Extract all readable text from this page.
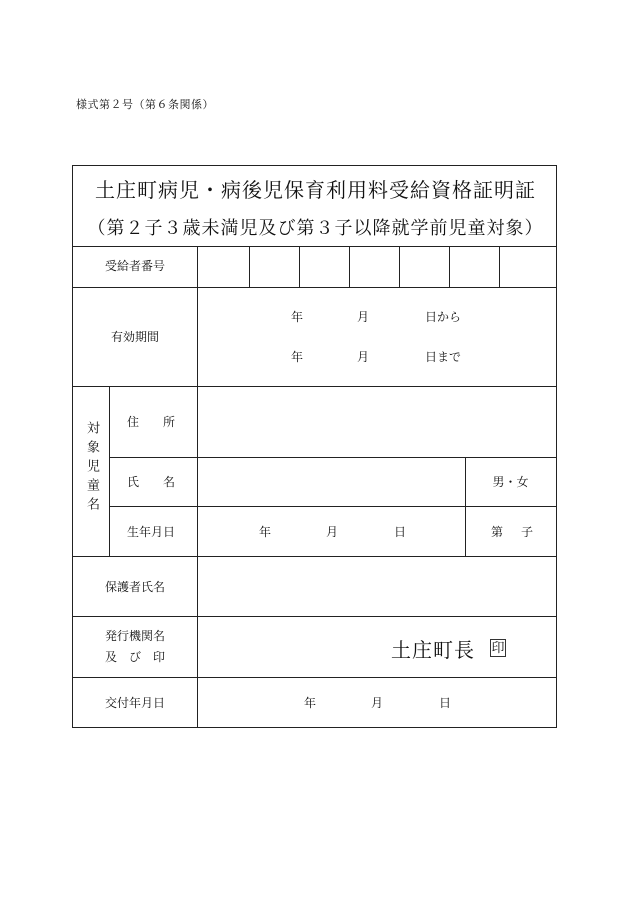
様式第２号（第６条関係）
土庄町病児・病後児保育利用料受給資格証明証
（第２子３歳未満児及び第３子以降就学前児童対象）
受給者番号
有効期間
年	月	日から
年	月	日まで
対象児童名 住　　所
氏　　名	男・女
生年月日	年	月	日	第 子
保護者氏名
発行機関名
及　び　印	土庄町長 印
交付年月日	年	月	日
